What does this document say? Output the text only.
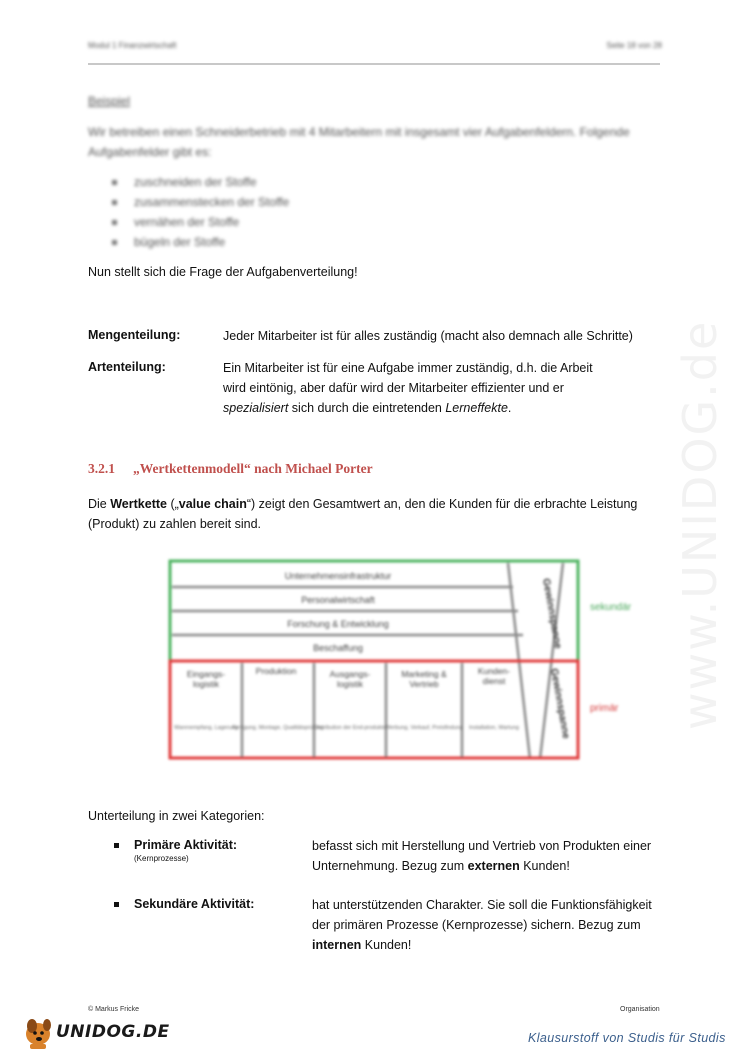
Modul 1 Finanzwirtschaft	Seite 18 von 28
Beispiel
Wir betreiben einen Schneiderbetrieb mit 4 Mitarbeitern mit insgesamt vier Aufgabenfeldern. Folgende Aufgabenfelder gibt es:
zuschneiden der Stoffe
zusammenstecken der Stoffe
vernähen der Stoffe
bügeln der Stoffe
Nun stellt sich die Frage der Aufgabenverteilung!
Mengenteilung:	Jeder Mitarbeiter ist für alles zuständig (macht also demnach alle Schritte)
Artenteilung:	Ein Mitarbeiter ist für eine Aufgabe immer zuständig, d.h. die Arbeit
wird eintönig, aber dafür wird der Mitarbeiter effizienter und er
spezialisiert sich durch die eintretenden Lerneffekte.
3.2.1 „Wertkettenmodell“ nach Michael Porter
Die Wertkette („value chain“) zeigt den Gesamtwert an, den die Kunden für die erbrachte Leistung
(Produkt) zu zahlen bereit sind.
Unternehmensinfrastruktur
Personalwirtschaft
Forschung & Entwicklung
Beschaffung	Gewinnspanne
Eingangs-
logistik
Produktion	Ausgangs-
logistik
Marketing &
Vertrieb
Kunden-
dienst
Warenempfang, Lagerung
Fertigung, Montage, Qualitätsprüfung
Distribution der End-produkte Werbung, Verkauf, Preisfindung Installation, Wartung	Gewinnspanne
sekundär
primär
Unterteilung in zwei Kategorien:
Primäre Aktivität:
(Kernprozesse)
befasst sich mit Herstellung und Vertrieb von Produkten einer
Unternehmung. Bezug zum externen Kunden!
Sekundäre Aktivität:	hat unterstützenden Charakter. Sie soll die Funktionsfähigkeit
der primären Prozesse (Kernprozesse) sichern. Bezug zum
internen Kunden!
www.UNIDOG.de
© Markus Fricke	Organisation
UNIDOG.DE	Klausurstoff von Studis für Studis
